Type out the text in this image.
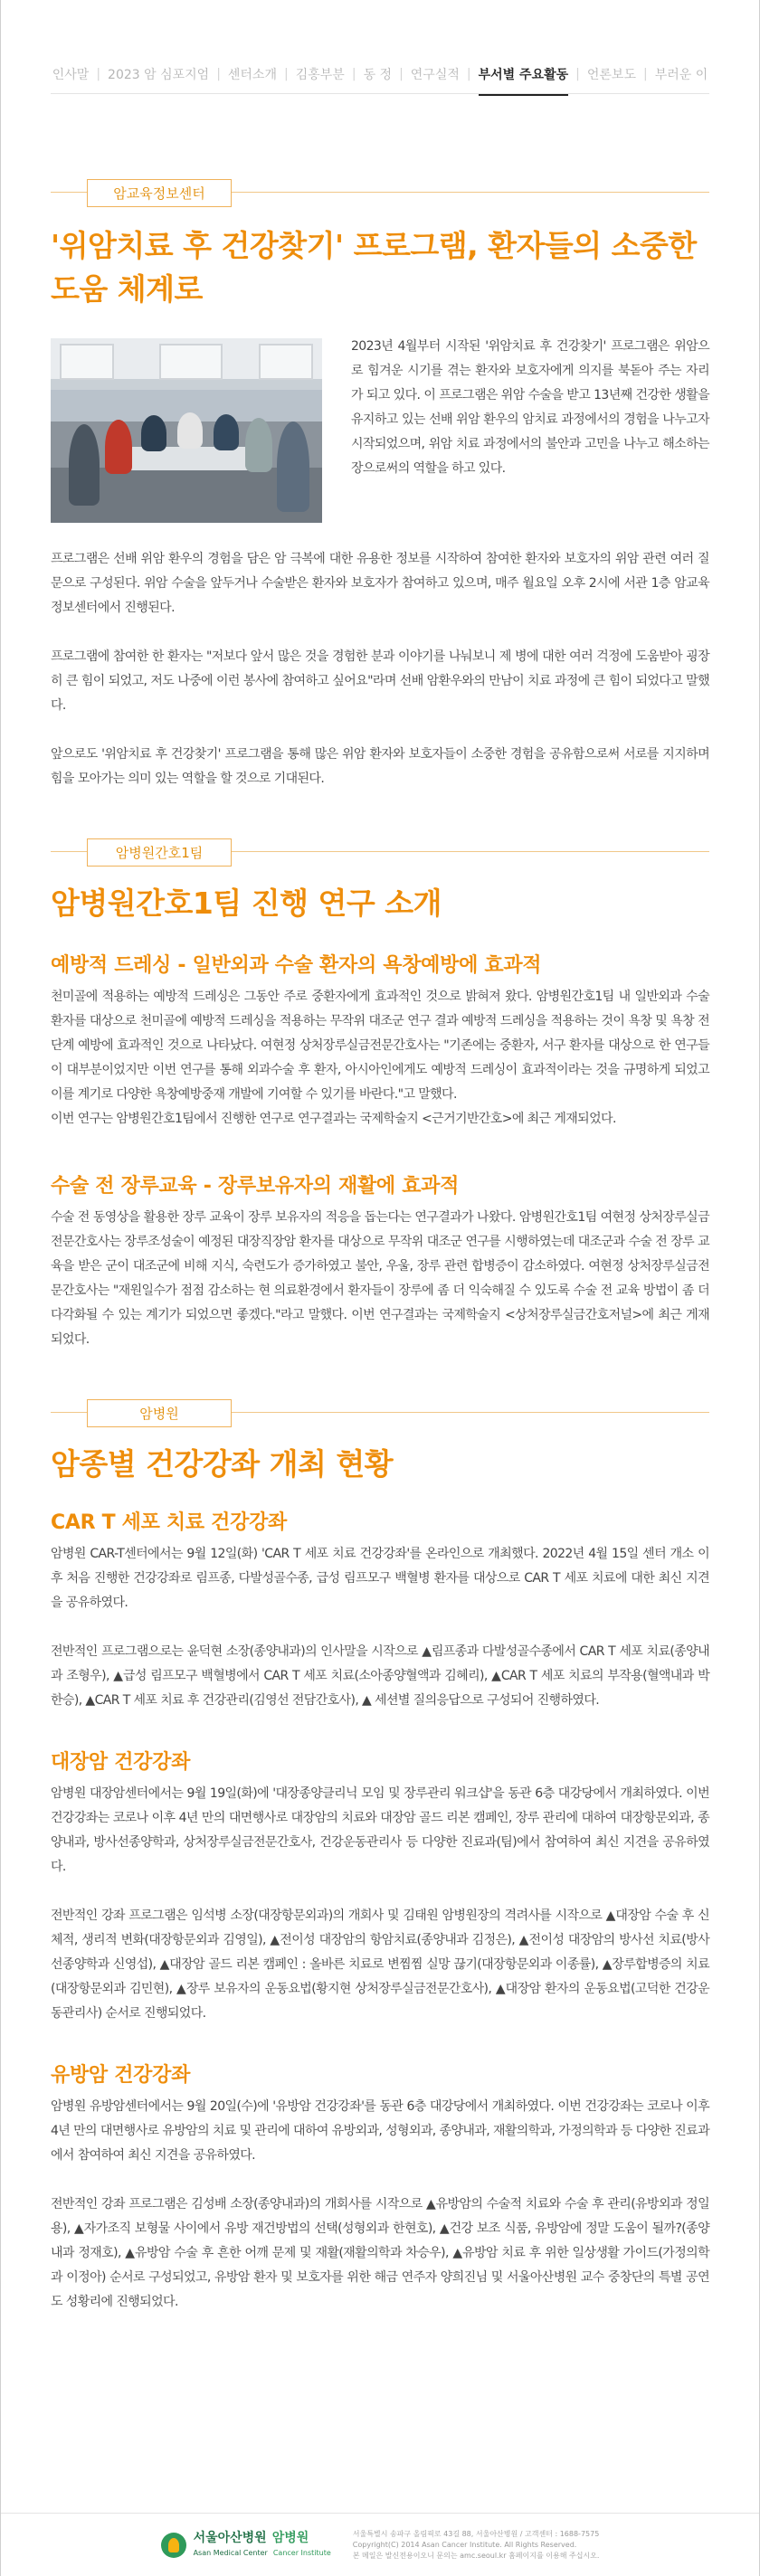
인사말 | 2023 암 심포지엄 | 센터소개 | 김홍부분 | 동 정 | 연구실적 | 부서별 주요활동 | 언론보도 | 부러운 이
암교육정보센터
'위암치료 후 건강찾기' 프로그램, 환자들의 소중한 도움 체계로

2023년 4월부터 시작된 '위암치료 후 건강찾기' 프로그램은 위암으로 힘겨운 시기를 겪는 환자와 보호자에게 의지를 북돋아 주는 자리가 되고 있다. 이 프로그램은 위암 수술을 받고 13년째 건강한 생활을 유지하고 있는 선배 위암 환우의 암치료 과정에서의 경험을 나누고자 시작되었으며, 위암 치료 과정에서의 불안과 고민을 나누고 해소하는 장으로써의 역할을 하고 있다.

프로그램은 선배 위암 환우의 경험을 담은 암 극복에 대한 유용한 정보를 시작하여 참여한 환자와 보호자의 위암 관련 여러 질문으로 구성된다. 위암 수술을 앞두거나 수술받은 환자와 보호자가 참여하고 있으며, 매주 월요일 오후 2시에 서관 1층 암교육정보센터에서 진행된다.

프로그램에 참여한 한 환자는 "저보다 앞서 많은 것을 경험한 분과 이야기를 나눠보니 제 병에 대한 여러 걱정에 도움받아 굉장히 큰 힘이 되었고, 저도 나중에 이런 봉사에 참여하고 싶어요"라며 선배 암환우와의 만남이 치료 과정에 큰 힘이 되었다고 말했다.

앞으로도 '위암치료 후 건강찾기' 프로그램을 통해 많은 위암 환자와 보호자들이 소중한 경험을 공유함으로써 서로를 지지하며 힘을 모아가는 의미 있는 역할을 할 것으로 기대된다.

암병원간호1팀
암병원간호1팀 진행 연구 소개
예방적 드레싱 - 일반외과 수술 환자의 욕창예방에 효과적

천미골에 적용하는 예방적 드레싱은 그동안 주로 중환자에게 효과적인 것으로 밝혀져 왔다. 암병원간호1팀 내 일반외과 수술 환자를 대상으로 천미골에 예방적 드레싱을 적용하는 무작위 대조군 연구 결과 예방적 드레싱을 적용하는 것이 욕창 및 욕창 전단계 예방에 효과적인 것으로 나타났다. 여현정 상처장루실금전문간호사는 "기존에는 중환자, 서구 환자를 대상으로 한 연구들이 대부분이었지만 이번 연구를 통해 외과수술 후 환자, 아시아인에게도 예방적 드레싱이 효과적이라는 것을 규명하게 되었고 이를 계기로 다양한 욕창예방중재 개발에 기여할 수 있기를 바란다."고 말했다.

이번 연구는 암병원간호1팀에서 진행한 연구로 연구결과는 국제학술지 <근거기반간호>에 최근 게재되었다.

수술 전 장루교육 - 장루보유자의 재활에 효과적

수술 전 동영상을 활용한 장루 교육이 장루 보유자의 적응을 돕는다는 연구결과가 나왔다. 암병원간호1팀 여현정 상처장루실금전문간호사는 장루조성술이 예정된 대장직장암 환자를 대상으로 무작위 대조군 연구를 시행하였는데 대조군과 수술 전 장루 교육을 받은 군이 대조군에 비해 지식, 숙련도가 증가하였고 불안, 우울, 장루 관련 합병증이 감소하였다. 여현정 상처장루실금전문간호사는 "재원일수가 점점 감소하는 현 의료환경에서 환자들이 장루에 좀 더 익숙해질 수 있도록 수술 전 교육 방법이 좀 더 다각화될 수 있는 계기가 되었으면 좋겠다."라고 말했다. 이번 연구결과는 국제학술지 <상처장루실금간호저널>에 최근 게재되었다.

암병원
암종별 건강강좌 개최 현황
CAR T 세포 치료 건강강좌

암병원 CAR-T센터에서는 9월 12일(화) 'CAR T 세포 치료 건강강좌'를 온라인으로 개최했다. 2022년 4월 15일 센터 개소 이후 처음 진행한 건강강좌로 림프종, 다발성골수종, 급성 림프모구 백혈병 환자를 대상으로 CAR T 세포 치료에 대한 최신 지견을 공유하였다.

전반적인 프로그램으로는 윤덕현 소장(종양내과)의 인사말을 시작으로 ▲림프종과 다발성골수종에서 CAR T 세포 치료(종양내과 조형우), ▲급성 림프모구 백혈병에서 CAR T 세포 치료(소아종양혈액과 김혜리), ▲CAR T 세포 치료의 부작용(혈액내과 박한승), ▲CAR T 세포 치료 후 건강관리(김영선 전담간호사), ▲ 세션별 질의응답으로 구성되어 진행하였다.

대장암 건강강좌

암병원 대장암센터에서는 9월 19일(화)에 '대장종양클리닉 모임 및 장루관리 워크샵'을 동관 6층 대강당에서 개최하였다. 이번 건강강좌는 코로나 이후 4년 만의 대면행사로 대장암의 치료와 대장암 골드 리본 캠페인, 장루 관리에 대하여 대장항문외과, 종양내과, 방사선종양학과, 상처장루실금전문간호사, 건강운동관리사 등 다양한 진료과(팀)에서 참여하여 최신 지견을 공유하였다.

전반적인 강좌 프로그램은 임석병 소장(대장항문외과)의 개회사 및 김태원 암병원장의 격려사를 시작으로 ▲대장암 수술 후 신체적, 생리적 변화(대장항문외과 김영일), ▲전이성 대장암의 항암치료(종양내과 김정은), ▲전이성 대장암의 방사선 치료(방사선종양학과 신영섭), ▲대장암 골드 리본 캠페인 : 올바른 치료로 변찜찜 실망 끊기(대장항문외과 이종률), ▲장루합병증의 치료(대장항문외과 김민현), ▲장루 보유자의 운동요법(황지현 상처장루실금전문간호사), ▲대장암 환자의 운동요법(고덕한 건강운동관리사) 순서로 진행되었다.

유방암 건강강좌

암병원 유방암센터에서는 9월 20일(수)에 '유방암 건강강좌'를 동관 6층 대강당에서 개최하였다. 이번 건강강좌는 코로나 이후 4년 만의 대면행사로 유방암의 치료 및 관리에 대하여 유방외과, 성형외과, 종양내과, 재활의학과, 가정의학과 등 다양한 진료과에서 참여하여 최신 지견을 공유하였다.

전반적인 강좌 프로그램은 김성배 소장(종양내과)의 개회사를 시작으로 ▲유방암의 수술적 치료와 수술 후 관리(유방외과 정일용), ▲자가조직 보형물 사이에서 유방 재건방법의 선택(성형외과 한현호), ▲건강 보조 식품, 유방암에 정말 도움이 될까?(종양내과 정재호), ▲유방암 수술 후 흔한 어깨 문제 및 재활(재활의학과 차승우), ▲유방암 치료 후 위한 일상생활 가이드(가정의학과 이정아) 순서로 구성되었고, 유방암 환자 및 보호자를 위한 해금 연주자 양희진님 및 서울아산병원 교수 중창단의 특별 공연도 성황리에 진행되었다.

서울아산병원 암병원
Asan Medical Center Cancer Institute
서울특별시 송파구 올림픽로 43길 88, 서울아산병원 / 고객센터 : 1688-7575
Copyright(C) 2014 Asan Cancer Institute. All Rights Reserved.
본 메일은 발신전용이오니 문의는 amc.seoul.kr 홈페이지를 이용해 주십시오.
